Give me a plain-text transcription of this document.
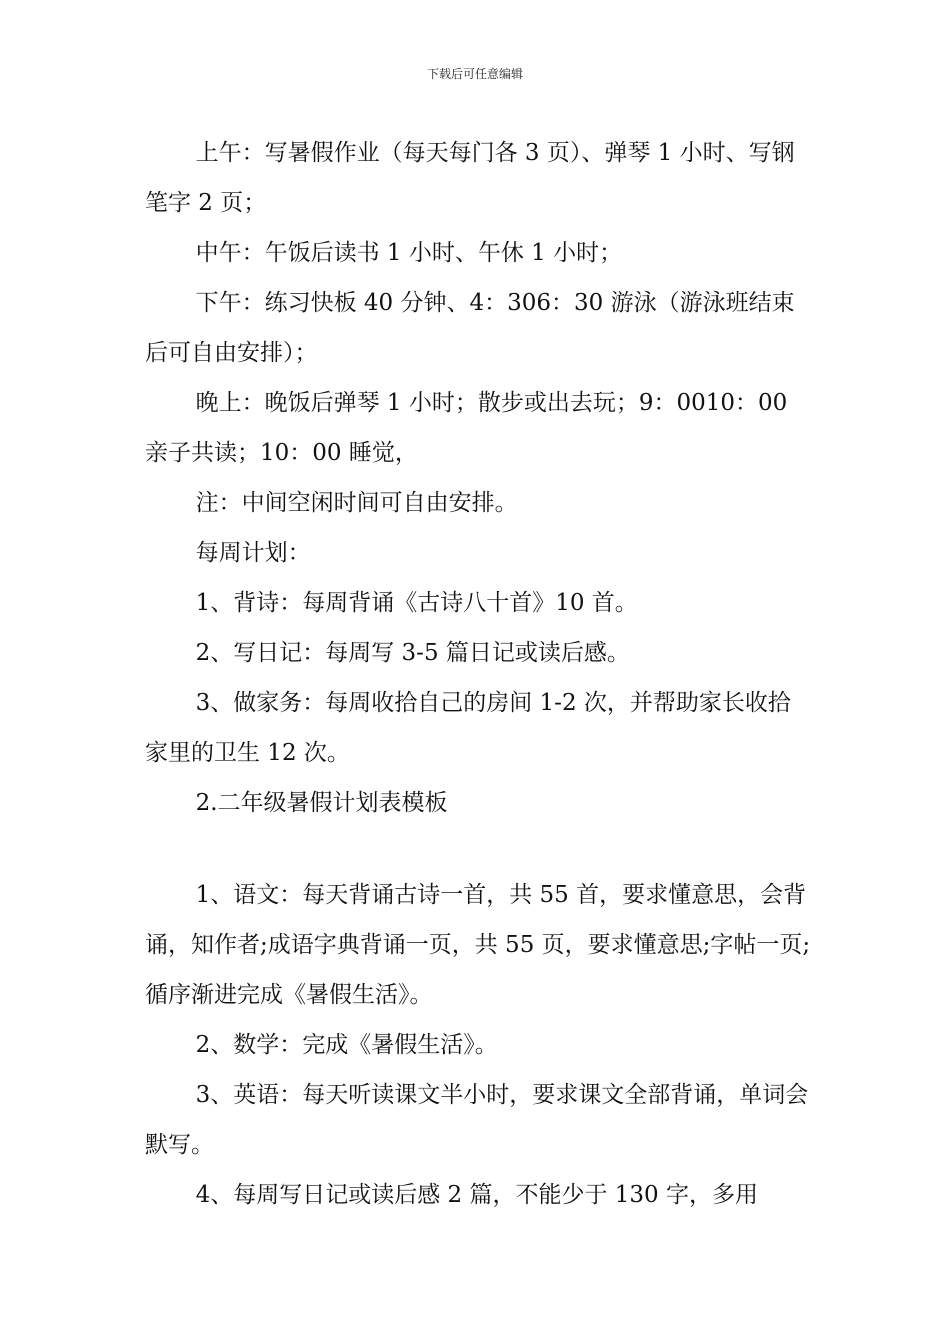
下载后可任意编辑

上午：写暑假作业（每天每门各 3 页）、弹琴 1 小时、写钢笔字 2 页；

中午：午饭后读书 1 小时、午休 1 小时；

下午：练习快板 40 分钟、4：306：30 游泳（游泳班结束后可自由安排）；

晚上：晚饭后弹琴 1 小时；散步或出去玩；9：0010：00 亲子共读；10：00 睡觉，

注：中间空闲时间可自由安排。

每周计划：

1、背诗：每周背诵《古诗八十首》10 首。

2、写日记：每周写 3-5 篇日记或读后感。

3、做家务：每周收拾自己的房间 1-2 次，并帮助家长收拾家里的卫生 12 次。

2.二年级暑假计划表模板

1、语文：每天背诵古诗一首，共 55 首，要求懂意思，会背诵，知作者;成语字典背诵一页，共 55 页，要求懂意思;字帖一页;循序渐进完成《暑假生活》。

2、数学：完成《暑假生活》。

3、英语：每天听读课文半小时，要求课文全部背诵，单词会默写。

4、每周写日记或读后感 2 篇，不能少于 130 字，多用
